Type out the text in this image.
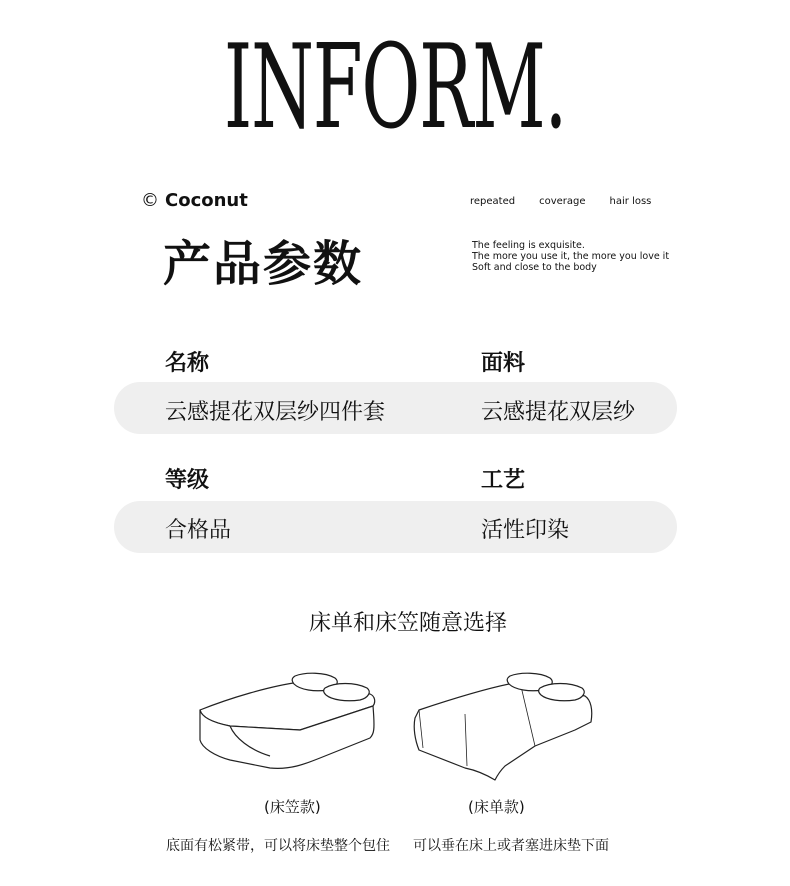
INFORM.
© Coconut	repeated coverage hair loss
产品参数	The feeling is exquisite.
The more you use it, the more you love it
Soft and close to the body
名称	面料
云感提花双层纱四件套	云感提花双层纱
等级	工艺
合格品	活性印染
床单和床笠随意选择
(床笠款)	(床单款)
底面有松紧带，可以将床垫整个包住 可以垂在床上或者塞进床垫下面
